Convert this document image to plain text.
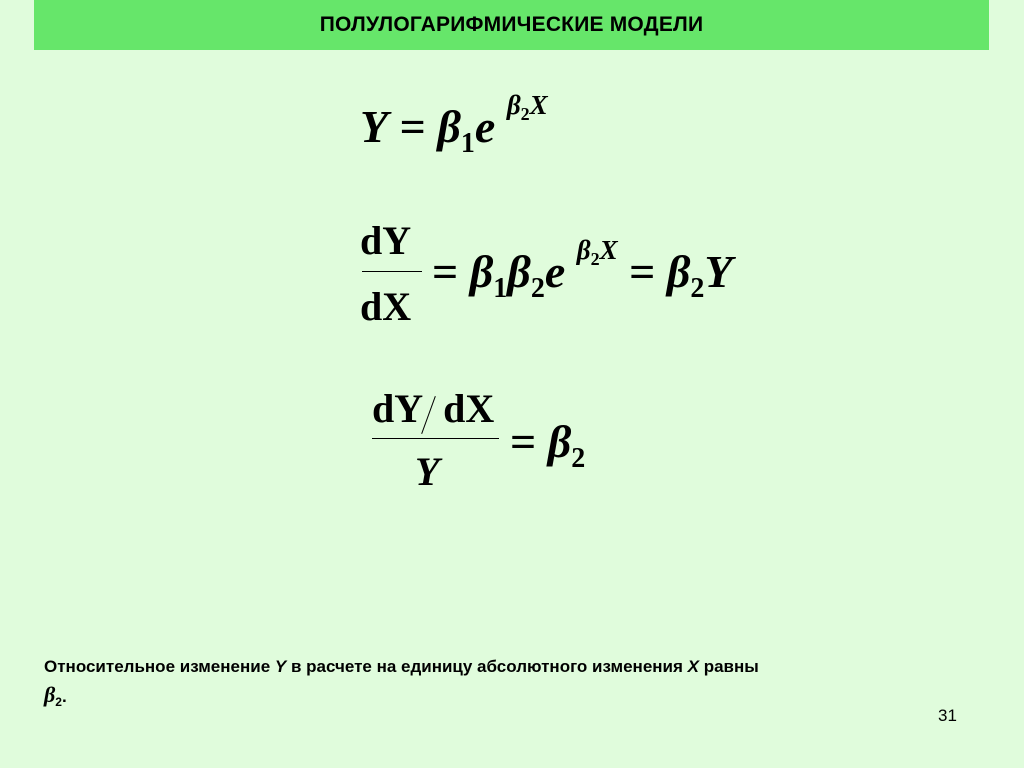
ПОЛУЛОГАРИФМИЧЕСКИЕ МОДЕЛИ
$Y = \beta_1e$ $^{\beta_2X}$
dY
dX
= $\beta_1\beta_2e$ $^{\beta_2X} = \beta_2Y$
dY dX
Y
= $\beta_2$
Относительное изменение Y в расчете на единицу абсолютного изменения X равны
$\beta_2$.
31
